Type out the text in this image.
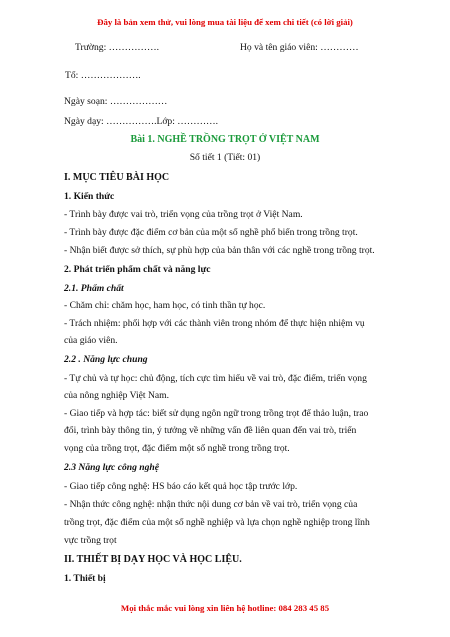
Đây là bản xem thử, vui lòng mua tài liệu để xem chi tiết (có lời giải)
Trường: …………….	Họ và tên giáo viên: …………
Tổ: ……………….
Ngày soạn: ………………
Ngày dạy: …………….Lớp: ………….
Bài 1. NGHỀ TRỒNG TRỌT Ở VIỆT NAM
Số tiết 1 (Tiết: 01)
I. MỤC TIÊU BÀI HỌC
1. Kiến thức
- Trình bày được vai trò, triển vọng của trồng trọt ở Việt Nam.
- Trình bày được đặc điểm cơ bản của một số nghề phổ biến trong trồng trọt.
- Nhận biết được sở thích, sự phù hợp của bản thân với các nghề trong trồng trọt.
2. Phát triển phẩm chất và năng lực
2.1. Phẩm chất
- Chăm chỉ: chăm học, ham học, có tinh thần tự học.
- Trách nhiệm: phối hợp với các thành viên trong nhóm để thực hiện nhiệm vụ
của giáo viên.
2.2 . Năng lực chung
- Tự chủ và tự học: chủ động, tích cực tìm hiểu về vai trò, đặc điểm, triển vọng
của nông nghiệp Việt Nam.
- Giao tiếp và hợp tác: biết sử dụng ngôn ngữ trong trồng trọt để thảo luận, trao
đổi, trình bày thông tin, ý tưởng về những vấn đề liên quan đến vai trò, triển
vọng của trồng trọt, đặc điểm một số nghề trong trồng trọt.
2.3 Năng lực công nghệ
- Giao tiếp công nghệ: HS báo cáo kết quả học tập trước lớp.
- Nhận thức công nghệ: nhận thức nội dung cơ bản về vai trò, triển vọng của
trồng trọt, đặc điểm của một số nghề nghiệp và lựa chọn nghề nghiệp trong lĩnh
vực trồng trọt
II. THIẾT BỊ DẠY HỌC VÀ HỌC LIỆU.
1. Thiết bị
Mọi thắc mắc vui lòng xin liên hệ hotline: 084 283 45 85
